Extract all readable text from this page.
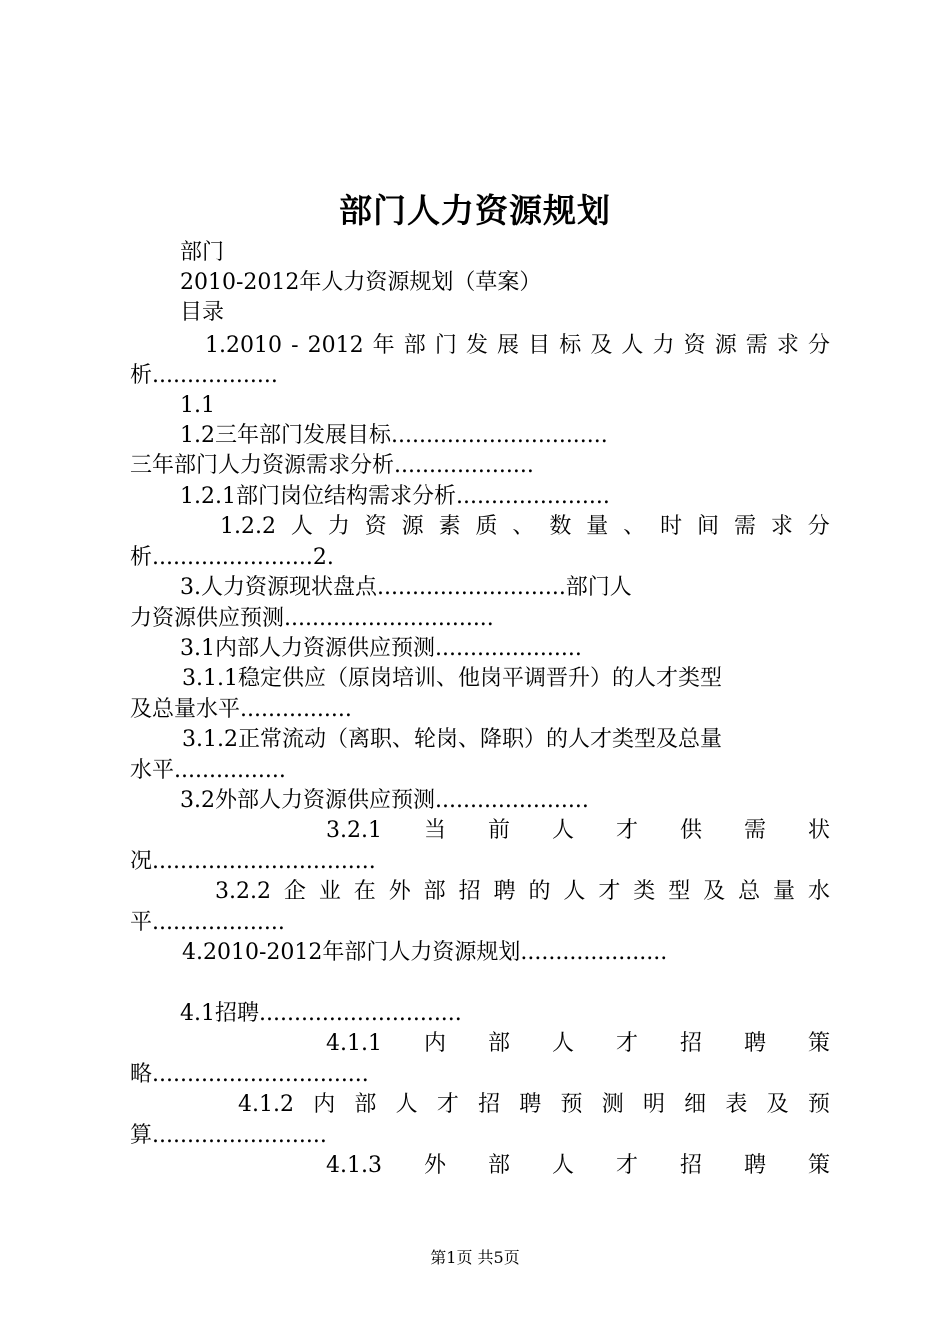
部门人力资源规划
部门
2010-2012年人力资源规划（草案）
目录
1.2010 - 2012 年 部 门 发 展 目 标 及 人 力 资 源 需 求 分
析..................
1.1
1.2三年部门发展目标...............................
三年部门人力资源需求分析....................
1.2.1部门岗位结构需求分析......................
1.2.2 人 力 资 源 素 质 、 数 量 、 时 间 需 求 分
析.......................2.
3.人力资源现状盘点...........................部门人
力资源供应预测..............................
3.1内部人力资源供应预测.....................
3.1.1稳定供应（原岗培训、他岗平调晋升）的人才类型
及总量水平................
3.1.2正常流动（离职、轮岗、降职）的人才类型及总量
水平................
3.2外部人力资源供应预测......................
3.2.1 当 前 人 才 供 需 状
况................................
3.2.2 企 业 在 外 部 招 聘 的 人 才 类 型 及 总 量 水
平...................
4.2010-2012年部门人力资源规划.....................
4.1招聘.............................
4.1.1 内 部 人 才 招 聘 策
略...............................
4.1.2 内 部 人 才 招 聘 预 测 明 细 表 及 预
算.........................
4.1.3 外 部 人 才 招 聘 策
第1页 共5页
